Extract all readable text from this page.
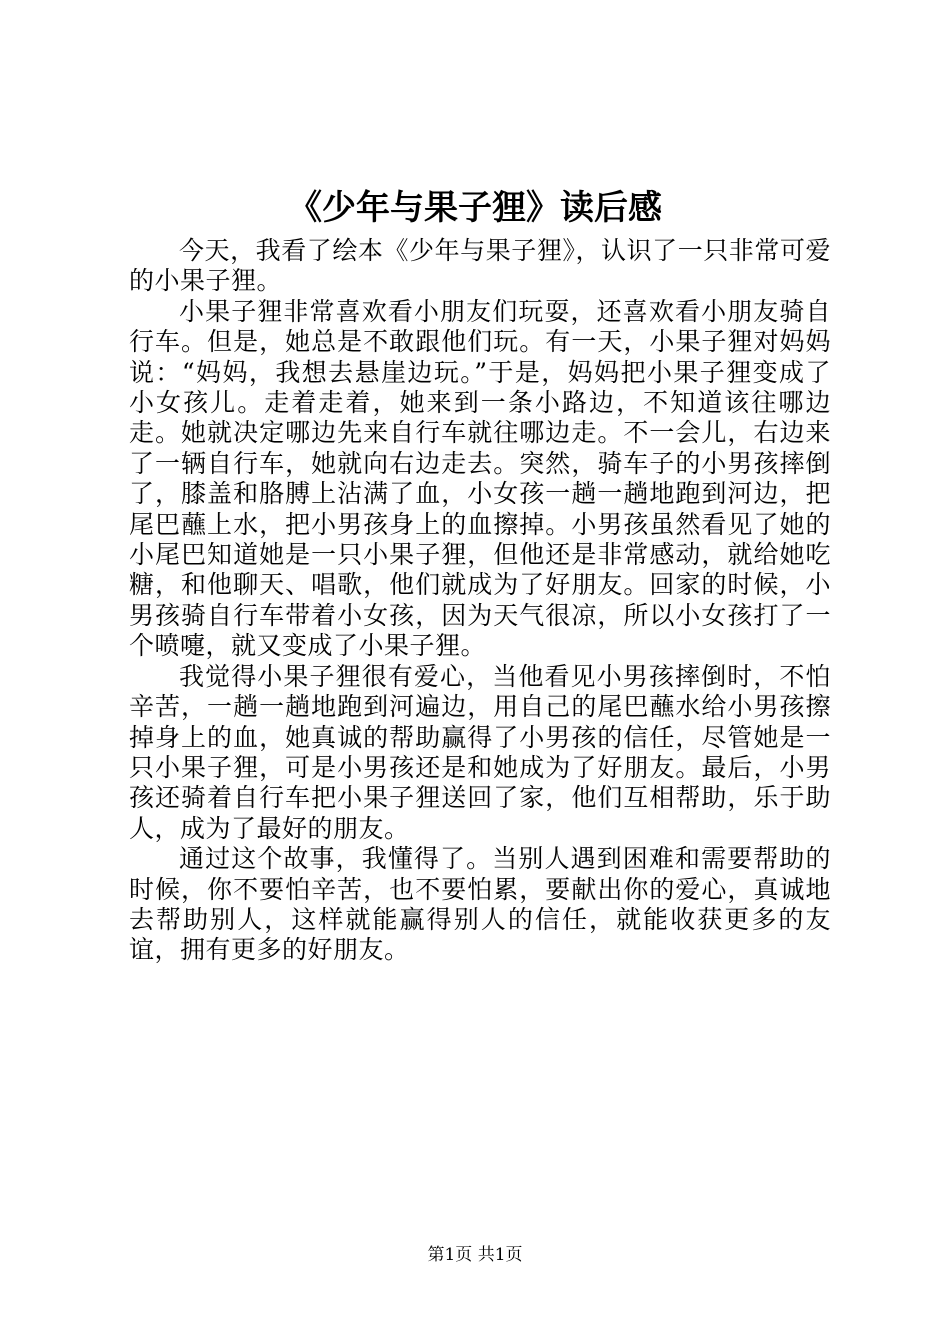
《少年与果子狸》读后感

今天，我看了绘本《少年与果子狸》，认识了一只非常可爱的小果子狸。

小果子狸非常喜欢看小朋友们玩耍，还喜欢看小朋友骑自行车。但是，她总是不敢跟他们玩。有一天，小果子狸对妈妈说：“妈妈，我想去悬崖边玩。”于是，妈妈把小果子狸变成了小女孩儿。走着走着，她来到一条小路边，不知道该往哪边走。她就决定哪边先来自行车就往哪边走。不一会儿，右边来了一辆自行车，她就向右边走去。突然，骑车子的小男孩摔倒了，膝盖和胳膊上沾满了血，小女孩一趟一趟地跑到河边，把尾巴蘸上水，把小男孩身上的血擦掉。小男孩虽然看见了她的小尾巴知道她是一只小果子狸，但他还是非常感动，就给她吃糖，和他聊天、唱歌，他们就成为了好朋友。回家的时候，小男孩骑自行车带着小女孩，因为天气很凉，所以小女孩打了一个喷嚏，就又变成了小果子狸。

我觉得小果子狸很有爱心，当他看见小男孩摔倒时，不怕辛苦，一趟一趟地跑到河遍边，用自己的尾巴蘸水给小男孩擦掉身上的血，她真诚的帮助赢得了小男孩的信任，尽管她是一只小果子狸，可是小男孩还是和她成为了好朋友。最后，小男孩还骑着自行车把小果子狸送回了家，他们互相帮助，乐于助人，成为了最好的朋友。

通过这个故事，我懂得了。当别人遇到困难和需要帮助的时候，你不要怕辛苦，也不要怕累，要献出你的爱心，真诚地去帮助别人，这样就能赢得别人的信任，就能收获更多的友谊，拥有更多的好朋友。

第1页 共1页
